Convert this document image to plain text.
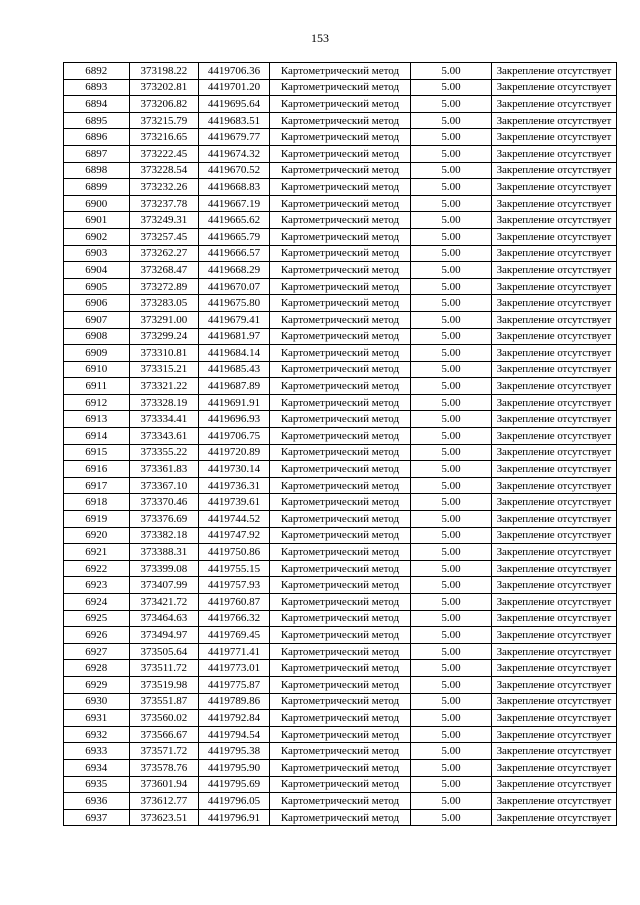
153
6892	373198.22	4419706.36	Картометрический метод	5.00	Закрепление отсутствует
6893	373202.81	4419701.20	Картометрический метод	5.00	Закрепление отсутствует
6894	373206.82	4419695.64	Картометрический метод	5.00	Закрепление отсутствует
6895	373215.79	4419683.51	Картометрический метод	5.00	Закрепление отсутствует
6896	373216.65	4419679.77	Картометрический метод	5.00	Закрепление отсутствует
6897	373222.45	4419674.32	Картометрический метод	5.00	Закрепление отсутствует
6898	373228.54	4419670.52	Картометрический метод	5.00	Закрепление отсутствует
6899	373232.26	4419668.83	Картометрический метод	5.00	Закрепление отсутствует
6900	373237.78	4419667.19	Картометрический метод	5.00	Закрепление отсутствует
6901	373249.31	4419665.62	Картометрический метод	5.00	Закрепление отсутствует
6902	373257.45	4419665.79	Картометрический метод	5.00	Закрепление отсутствует
6903	373262.27	4419666.57	Картометрический метод	5.00	Закрепление отсутствует
6904	373268.47	4419668.29	Картометрический метод	5.00	Закрепление отсутствует
6905	373272.89	4419670.07	Картометрический метод	5.00	Закрепление отсутствует
6906	373283.05	4419675.80	Картометрический метод	5.00	Закрепление отсутствует
6907	373291.00	4419679.41	Картометрический метод	5.00	Закрепление отсутствует
6908	373299.24	4419681.97	Картометрический метод	5.00	Закрепление отсутствует
6909	373310.81	4419684.14	Картометрический метод	5.00	Закрепление отсутствует
6910	373315.21	4419685.43	Картометрический метод	5.00	Закрепление отсутствует
6911	373321.22	4419687.89	Картометрический метод	5.00	Закрепление отсутствует
6912	373328.19	4419691.91	Картометрический метод	5.00	Закрепление отсутствует
6913	373334.41	4419696.93	Картометрический метод	5.00	Закрепление отсутствует
6914	373343.61	4419706.75	Картометрический метод	5.00	Закрепление отсутствует
6915	373355.22	4419720.89	Картометрический метод	5.00	Закрепление отсутствует
6916	373361.83	4419730.14	Картометрический метод	5.00	Закрепление отсутствует
6917	373367.10	4419736.31	Картометрический метод	5.00	Закрепление отсутствует
6918	373370.46	4419739.61	Картометрический метод	5.00	Закрепление отсутствует
6919	373376.69	4419744.52	Картометрический метод	5.00	Закрепление отсутствует
6920	373382.18	4419747.92	Картометрический метод	5.00	Закрепление отсутствует
6921	373388.31	4419750.86	Картометрический метод	5.00	Закрепление отсутствует
6922	373399.08	4419755.15	Картометрический метод	5.00	Закрепление отсутствует
6923	373407.99	4419757.93	Картометрический метод	5.00	Закрепление отсутствует
6924	373421.72	4419760.87	Картометрический метод	5.00	Закрепление отсутствует
6925	373464.63	4419766.32	Картометрический метод	5.00	Закрепление отсутствует
6926	373494.97	4419769.45	Картометрический метод	5.00	Закрепление отсутствует
6927	373505.64	4419771.41	Картометрический метод	5.00	Закрепление отсутствует
6928	373511.72	4419773.01	Картометрический метод	5.00	Закрепление отсутствует
6929	373519.98	4419775.87	Картометрический метод	5.00	Закрепление отсутствует
6930	373551.87	4419789.86	Картометрический метод	5.00	Закрепление отсутствует
6931	373560.02	4419792.84	Картометрический метод	5.00	Закрепление отсутствует
6932	373566.67	4419794.54	Картометрический метод	5.00	Закрепление отсутствует
6933	373571.72	4419795.38	Картометрический метод	5.00	Закрепление отсутствует
6934	373578.76	4419795.90	Картометрический метод	5.00	Закрепление отсутствует
6935	373601.94	4419795.69	Картометрический метод	5.00	Закрепление отсутствует
6936	373612.77	4419796.05	Картометрический метод	5.00	Закрепление отсутствует
6937	373623.51	4419796.91	Картометрический метод	5.00	Закрепление отсутствует
